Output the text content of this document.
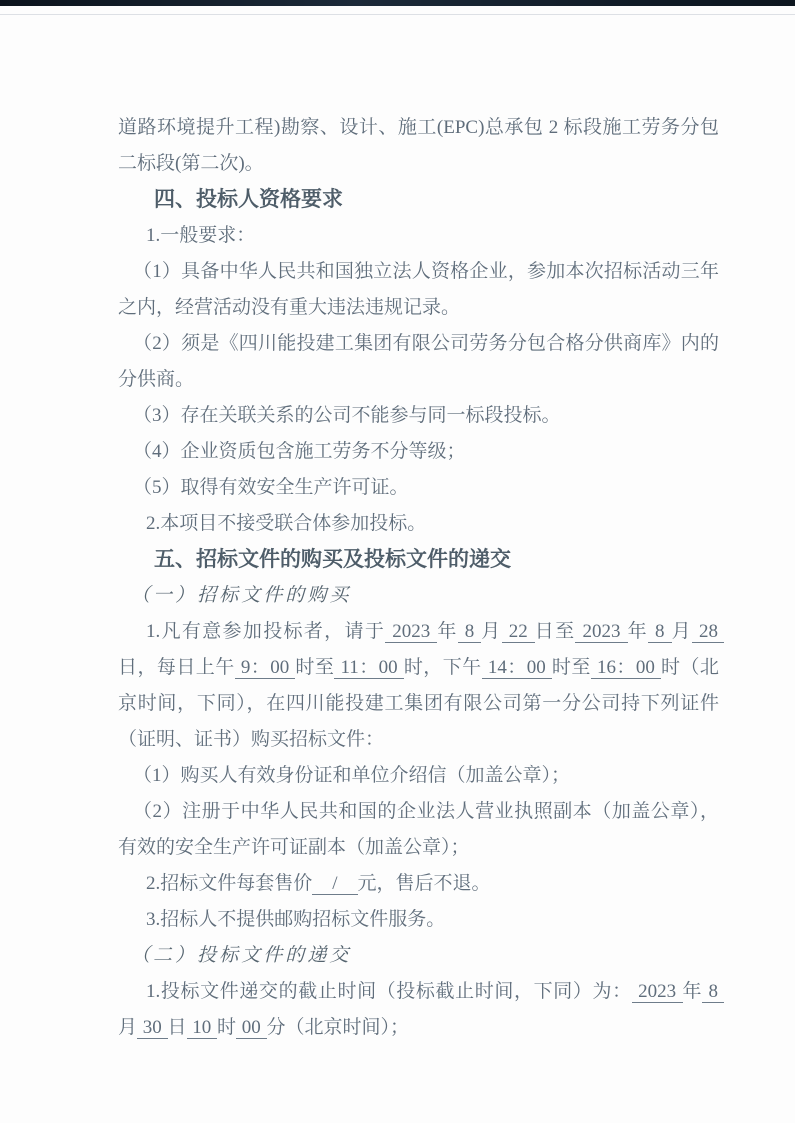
道路环境提升工程)勘察、设计、施工(EPC)总承包 2 标段施工劳务分包二标段(第二次)。

四、投标人资格要求

1.一般要求：

（1）具备中华人民共和国独立法人资格企业，参加本次招标活动三年之内，经营活动没有重大违法违规记录。

（2）须是《四川能投建工集团有限公司劳务分包合格分供商库》内的分供商。

（3）存在关联关系的公司不能参与同一标段投标。

（4）企业资质包含施工劳务不分等级；

（5）取得有效安全生产许可证。

2.本项目不接受联合体参加投标。

五、招标文件的购买及投标文件的递交

（一）招标文件的购买

1.凡有意参加投标者，请于 2023 年 8 月 22 日至 2023 年 8 月 28 日，每日上午 9：00 时至 11：00 时，下午 14：00 时至 16：00 时（北京时间，下同），在四川能投建工集团有限公司第一分公司持下列证件（证明、证书）购买招标文件：

（1）购买人有效身份证和单位介绍信（加盖公章）；

（2）注册于中华人民共和国的企业法人营业执照副本（加盖公章），有效的安全生产许可证副本（加盖公章）；

2.招标文件每套售价  /  元，售后不退。

3.招标人不提供邮购招标文件服务。

（二）投标文件的递交

1.投标文件递交的截止时间（投标截止时间，下同）为： 2023 年 8 月 30 日 10 时 00 分（北京时间）；
